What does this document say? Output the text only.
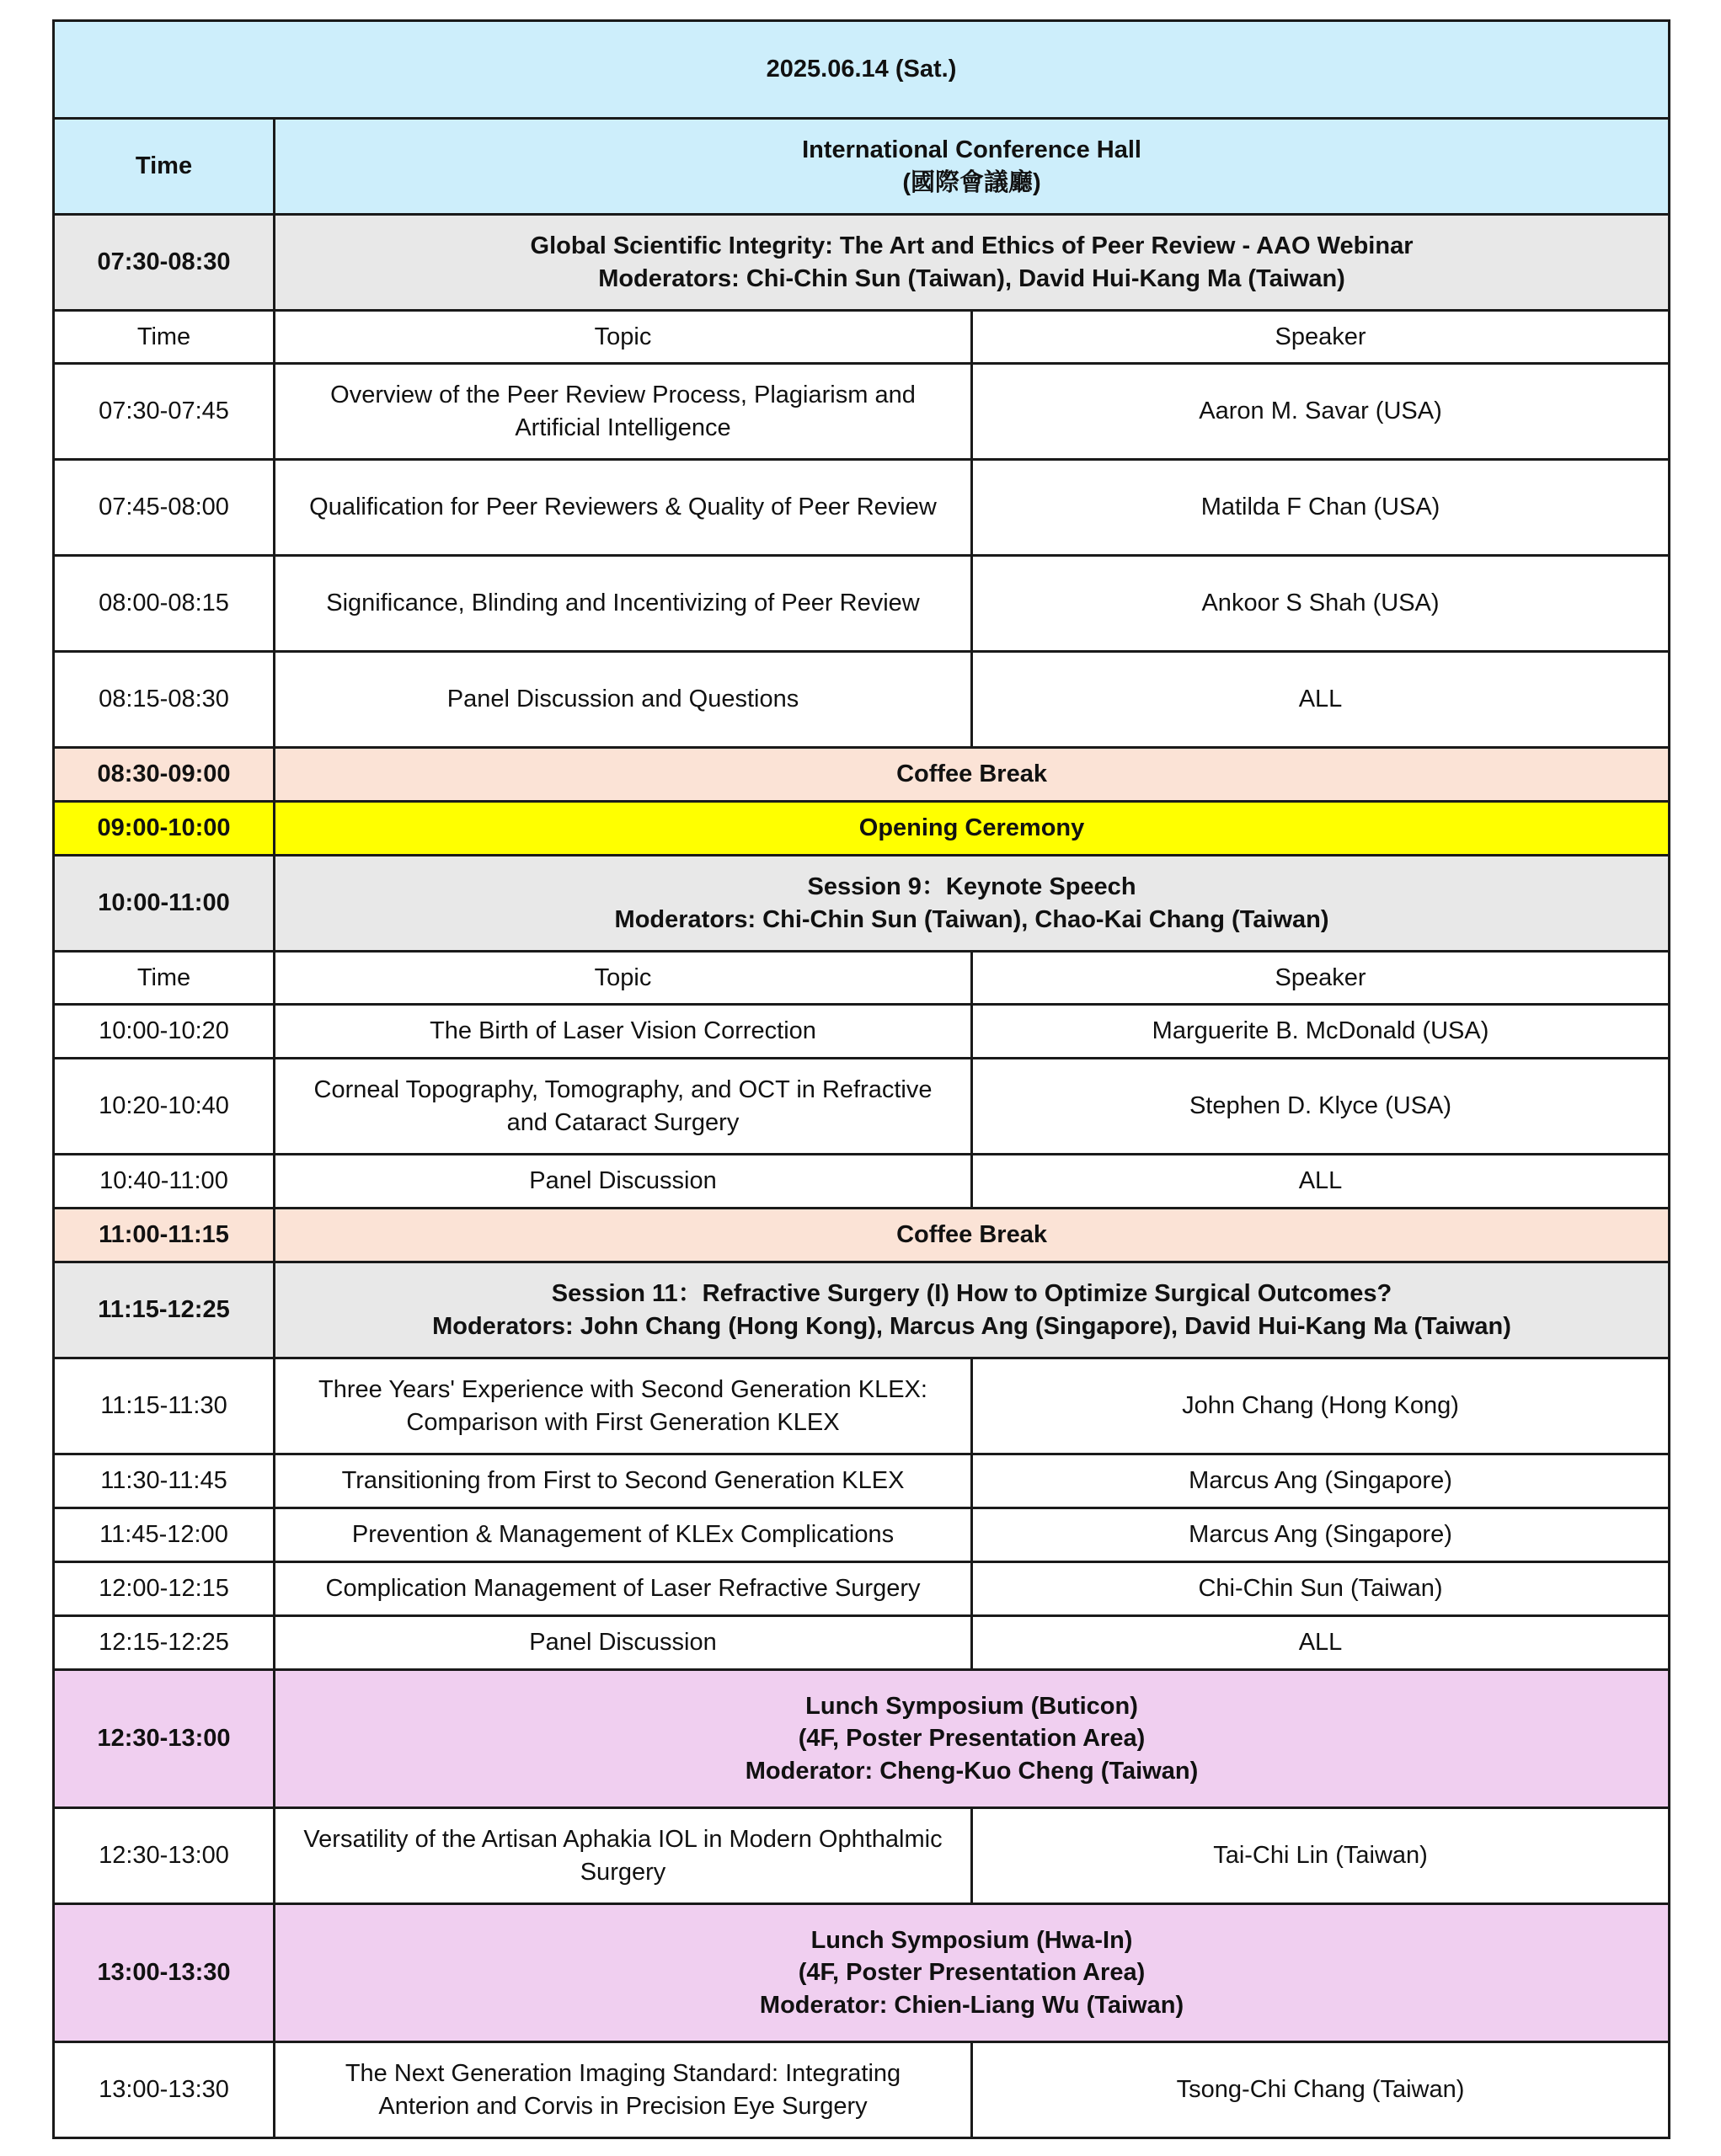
2025.06.14 (Sat.)		
Time	International Conference Hall
(國際會議廳)	

07:30-08:30	Global Scientific Integrity: The Art and Ethics of Peer Review - AAO Webinar
Moderators: Chi-Chin Sun (Taiwan), David Hui-Kang Ma (Taiwan)	

Time	Topic	Speaker
07:30-07:45	Overview of the Peer Review Process, Plagiarism and
Artificial Intelligence	Aaron M. Savar (USA)
07:45-08:00	Qualification for Peer Reviewers & Quality of Peer Review	Matilda F Chan (USA)
08:00-08:15	Significance, Blinding and Incentivizing of Peer Review	Ankoor S Shah (USA)
08:15-08:30	Panel Discussion and Questions	ALL
08:30-09:00	Coffee Break	

09:00-10:00	Opening Ceremony	

10:00-11:00	Session 9：Keynote Speech
Moderators: Chi-Chin Sun (Taiwan), Chao-Kai Chang (Taiwan)	

Time	Topic	Speaker
10:00-10:20	The Birth of Laser Vision Correction	Marguerite B. McDonald (USA)
10:20-10:40	Corneal Topography, Tomography, and OCT in Refractive
and Cataract Surgery	Stephen D. Klyce (USA)
10:40-11:00	Panel Discussion	ALL
11:00-11:15	Coffee Break	

11:15-12:25	Session 11：Refractive Surgery (I) How to Optimize Surgical Outcomes?
Moderators: John Chang (Hong Kong), Marcus Ang (Singapore), David Hui-Kang Ma (Taiwan)	

11:15-11:30	Three Years' Experience with Second Generation KLEX:
Comparison with First Generation KLEX	John Chang (Hong Kong)
11:30-11:45	Transitioning from First to Second Generation KLEX	Marcus Ang (Singapore)
11:45-12:00	Prevention & Management of KLEx Complications	Marcus Ang (Singapore)
12:00-12:15	Complication Management of Laser Refractive Surgery	Chi-Chin Sun (Taiwan)
12:15-12:25	Panel Discussion	ALL
12:30-13:00	Lunch Symposium (Buticon)
(4F, Poster Presentation Area)
Moderator: Cheng-Kuo Cheng (Taiwan)	

12:30-13:00	Versatility of the Artisan Aphakia IOL in Modern Ophthalmic
Surgery	Tai-Chi Lin (Taiwan)
13:00-13:30	Lunch Symposium (Hwa-In)
(4F, Poster Presentation Area)
Moderator: Chien-Liang Wu (Taiwan)	

13:00-13:30	The Next Generation Imaging Standard: Integrating
Anterion and Corvis in Precision Eye Surgery	Tsong-Chi Chang (Taiwan)
